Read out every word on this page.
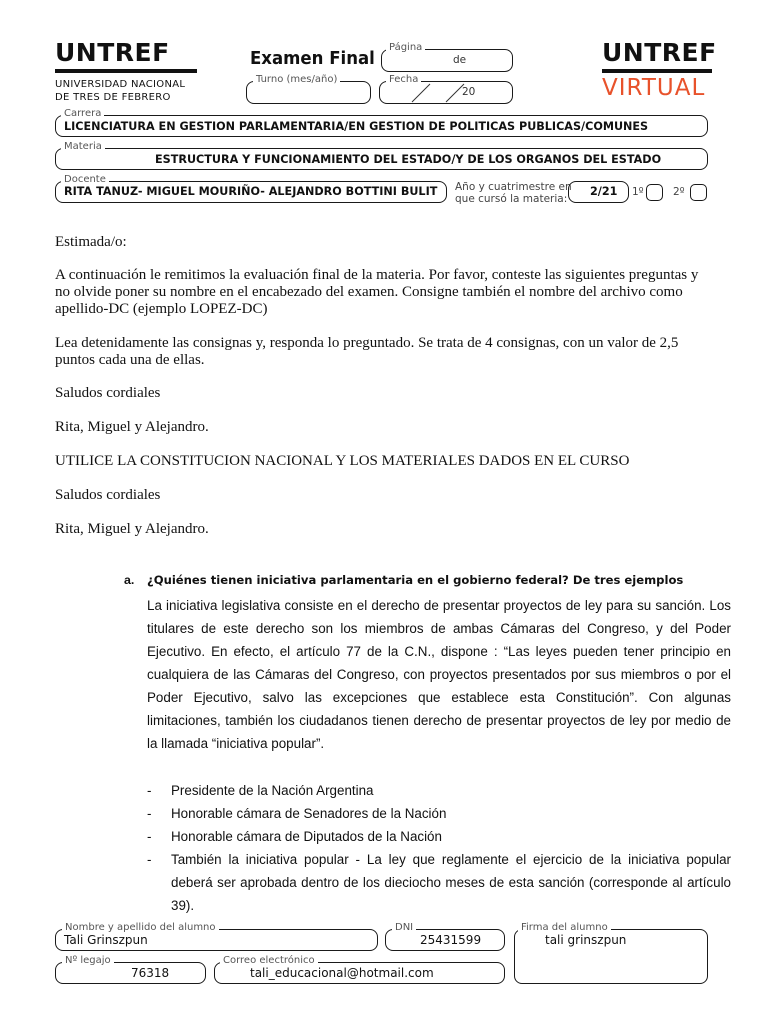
UNTREF
UNIVERSIDAD NACIONAL
DE TRES DE FEBRERO
Examen Final
Página
de
Turno (mes/año)	Fecha
20
UNTREF
VIRTUAL
Carrera
LICENCIATURA EN GESTION PARLAMENTARIA/EN GESTION DE POLITICAS PUBLICAS/COMUNES
Materia
ESTRUCTURA Y FUNCIONAMIENTO DEL ESTADO/Y DE LOS ORGANOS DEL ESTADO
Docente
RITA TANUZ- MIGUEL MOURIÑO- ALEJANDRO BOTTINI BULIT Año y cuatrimestre en
que cursó la materia:
2/21 1º	2º
Estimada/o:
A continuación le remitimos la evaluación final de la materia. Por favor, conteste las siguientes preguntas y no olvide poner su nombre en el encabezado del examen. Consigne también el nombre del archivo como apellido-DC (ejemplo LOPEZ-DC)
Lea detenidamente las consignas y, responda lo preguntado. Se trata de 4 consignas, con un valor de 2,5 puntos cada una de ellas.
Saludos cordiales
Rita, Miguel y Alejandro.
UTILICE LA CONSTITUCION NACIONAL Y LOS MATERIALES DADOS EN EL CURSO
Saludos cordiales
Rita, Miguel y Alejandro.
a. ¿Quiénes tienen iniciativa parlamentaria en el gobierno federal? De tres ejemplos
La iniciativa legislativa consiste en el derecho de presentar proyectos de ley para su sanción. Los titulares de este derecho son los miembros de ambas Cámaras del Congreso, y del Poder Ejecutivo. En efecto, el artículo 77 de la C.N., dispone : “Las leyes pueden tener principio en cualquiera de las Cámaras del Congreso, con proyectos presentados por sus miembros o por el Poder Ejecutivo, salvo las excepciones que establece esta Constitución”. Con algunas limitaciones, también los ciudadanos tienen derecho de presentar proyectos de ley por medio de la llamada “iniciativa popular”.
- Presidente de la Nación Argentina
- Honorable cámara de Senadores de la Nación
- Honorable cámara de Diputados de la Nación
- También la iniciativa popular - La ley que reglamente el ejercicio de la iniciativa popular deberá ser aprobada dentro de los dieciocho meses de esta sanción (corresponde al artículo 39).
Nombre y apellido del alumno
Tali Grinszpun
DNI
25431599
Firma del alumno
tali grinszpun
Nº legajo
76318
Correo electrónico
tali_educacional@hotmail.com
